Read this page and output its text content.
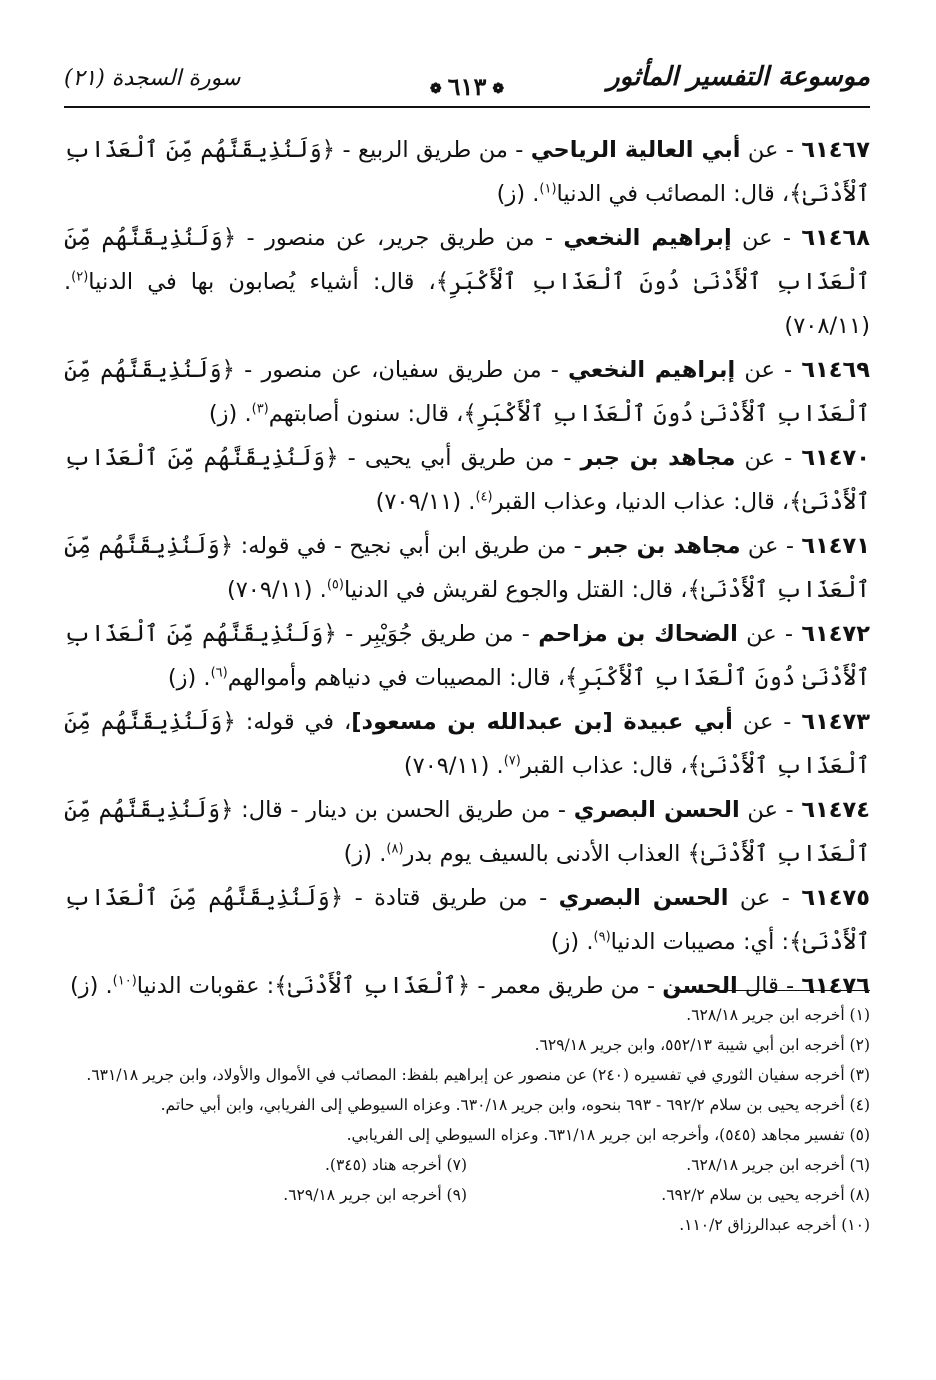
موسوعة التفسير المأثور
❁٦١٣❁
سورة السجدة (٢١)

٦١٤٦٧ - عن أبي العالية الرياحي - من طريق الربيع - ﴿وَلَنُذِيقَنَّهُم مِّنَ ٱلْعَذَابِ ٱلْأَدْنَىٰ﴾، قال: المصائب في الدنيا$^{(١)}$. (ز)

٦١٤٦٨ - عن إبراهيم النخعي - من طريق جرير، عن منصور - ﴿وَلَنُذِيقَنَّهُم مِّنَ ٱلْعَذَابِ ٱلْأَدْنَىٰ دُونَ ٱلْعَذَابِ ٱلْأَكْبَرِ﴾، قال: أشياء يُصابون بها في الدنيا$^{(٢)}$. (٧٠٨/١١)

٦١٤٦٩ - عن إبراهيم النخعي - من طريق سفيان، عن منصور - ﴿وَلَنُذِيقَنَّهُم مِّنَ ٱلْعَذَابِ ٱلْأَدْنَىٰ دُونَ ٱلْعَذَابِ ٱلْأَكْبَرِ﴾، قال: سنون أصابتهم$^{(٣)}$. (ز)

٦١٤٧٠ - عن مجاهد بن جبر - من طريق أبي يحيى - ﴿وَلَنُذِيقَنَّهُم مِّنَ ٱلْعَذَابِ ٱلْأَدْنَىٰ﴾، قال: عذاب الدنيا، وعذاب القبر$^{(٤)}$. (٧٠٩/١١)

٦١٤٧١ - عن مجاهد بن جبر - من طريق ابن أبي نجيح - في قوله: ﴿وَلَنُذِيقَنَّهُم مِّنَ ٱلْعَذَابِ ٱلْأَدْنَىٰ﴾، قال: القتل والجوع لقريش في الدنيا$^{(٥)}$. (٧٠٩/١١)

٦١٤٧٢ - عن الضحاك بن مزاحم - من طريق جُوَيْبِر - ﴿وَلَنُذِيقَنَّهُم مِّنَ ٱلْعَذَابِ ٱلْأَدْنَىٰ دُونَ ٱلْعَذَابِ ٱلْأَكْبَرِ﴾، قال: المصيبات في دنياهم وأموالهم$^{(٦)}$. (ز)

٦١٤٧٣ - عن أبي عبيدة [بن عبدالله بن مسعود]، في قوله: ﴿وَلَنُذِيقَنَّهُم مِّنَ ٱلْعَذَابِ ٱلْأَدْنَىٰ﴾، قال: عذاب القبر$^{(٧)}$. (٧٠٩/١١)

٦١٤٧٤ - عن الحسن البصري - من طريق الحسن بن دينار - قال: ﴿وَلَنُذِيقَنَّهُم مِّنَ ٱلْعَذَابِ ٱلْأَدْنَىٰ﴾ العذاب الأدنى بالسيف يوم بدر$^{(٨)}$. (ز)

٦١٤٧٥ - عن الحسن البصري - من طريق قتادة - ﴿وَلَنُذِيقَنَّهُم مِّنَ ٱلْعَذَابِ ٱلْأَدْنَىٰ﴾: أي: مصيبات الدنيا$^{(٩)}$. (ز)

٦١٤٧٦ - قال الحسن - من طريق معمر - ﴿ٱلْعَذَابِ ٱلْأَدْنَىٰ﴾: عقوبات الدنيا$^{(١٠)}$. (ز)

(١) أخرجه ابن جرير ٦٢٨/١٨.

(٢) أخرجه ابن أبي شيبة ٥٥٢/١٣، وابن جرير ٦٢٩/١٨.

(٣) أخرجه سفيان الثوري في تفسيره (٢٤٠) عن منصور عن إبراهيم بلفظ: المصائب في الأموال والأولاد، وابن جرير ٦٣١/١٨.

(٤) أخرجه يحيى بن سلام ٦٩٢/٢ - ٦٩٣ بنحوه، وابن جرير ٦٣٠/١٨. وعزاه السيوطي إلى الفريابي، وابن أبي حاتم.

(٥) تفسير مجاهد (٥٤٥)، وأخرجه ابن جرير ٦٣١/١٨. وعزاه السيوطي إلى الفريابي.

(٦) أخرجه ابن جرير ٦٢٨/١٨.

(٧) أخرجه هناد (٣٤٥).

(٨) أخرجه يحيى بن سلام ٦٩٢/٢.

(٩) أخرجه ابن جرير ٦٢٩/١٨.

(١٠) أخرجه عبدالرزاق ١١٠/٢.
